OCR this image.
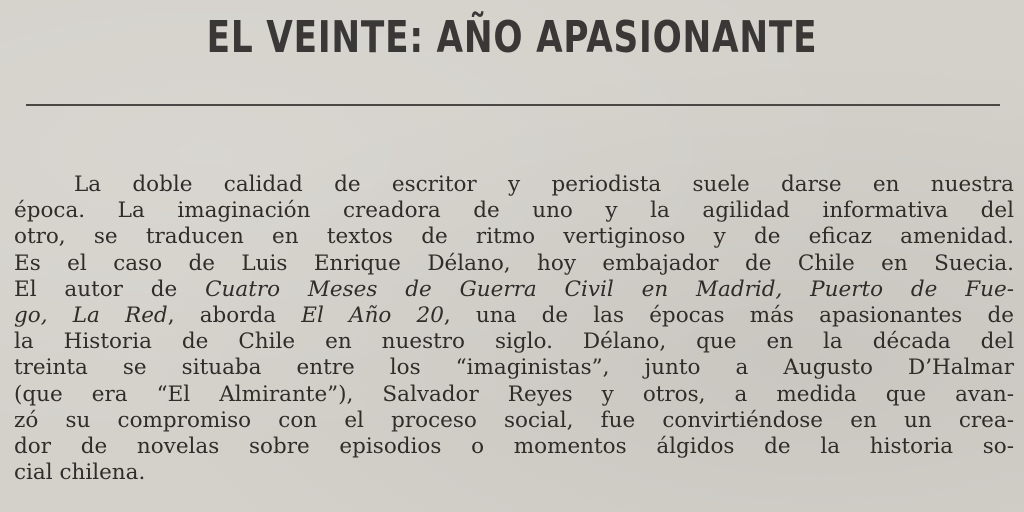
EL VEINTE: AÑO APASIONANTE
La doble calidad de escritor y periodista suele darse en nuestra
época. La imaginación creadora de uno y la agilidad informativa del
otro, se traducen en textos de ritmo vertiginoso y de eficaz amenidad.
Es el caso de Luis Enrique Délano, hoy embajador de Chile en Suecia.
El autor de Cuatro Meses de Guerra Civil en Madrid, Puerto de Fue-
go, La Red, aborda El Año 20, una de las épocas más apasionantes de
la Historia de Chile en nuestro siglo. Délano, que en la década del
treinta se situaba entre los “imaginistas”, junto a Augusto D’Halmar
(que era “El Almirante”), Salvador Reyes y otros, a medida que avan-
zó su compromiso con el proceso social, fue convirtiéndose en un crea-
dor de novelas sobre episodios o momentos álgidos de la historia so-
cial chilena.
